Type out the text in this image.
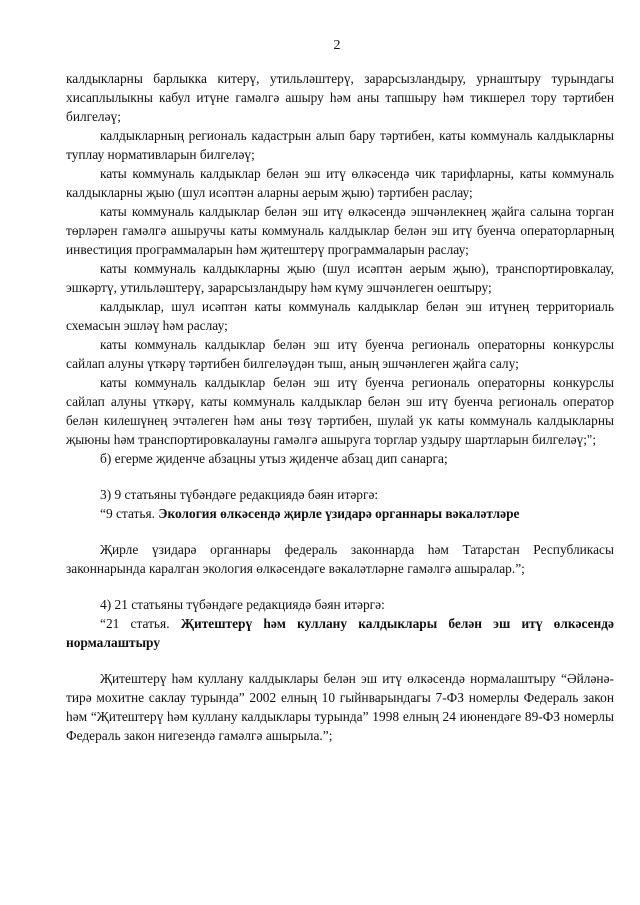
2

калдыкларны барлыкка китерү, утильләштерү, зарарсызландыру, урнаштыру турындагы хисаплылыкны кабул итүне гамәлгә ашыру һәм аны тапшыру һәм тикшерел тору тәртибен билгеләү;

калдыкларның региональ кадастрын алып бару тәртибен, каты коммуналь калдыкларны туплау нормативларын билгеләү;

каты коммуналь калдыклар белән эш итү өлкәсендә чик тарифларны, каты коммуналь калдыкларны җыю (шул исәптән аларны аерым җыю) тәртибен раслау;

каты коммуналь калдыклар белән эш итү өлкәсендә эшчәнлекнең җайга салына торган төрләрен гамәлгә ашыручы каты коммуналь калдыклар белән эш итү буенча операторларның инвестиция программаларын һәм җитештерү программаларын раслау;

каты коммуналь калдыкларны җыю (шул исәптән аерым җыю), транспортировкалау, эшкәртү, утильләштерү, зарарсызландыру һәм күму эшчәнлеген оештыру;

калдыклар, шул исәптән каты коммуналь калдыклар белән эш итүнең территориаль схемасын эшләү һәм раслау;

каты коммуналь калдыклар белән эш итү буенча региональ операторны конкурслы сайлап алуны үткәрү тәртибен билгеләүдән тыш, аның эшчәнлеген җайга салу;

каты коммуналь калдыклар белән эш итү буенча региональ операторны конкурслы сайлап алуны үткәрү, каты коммуналь калдыклар белән эш итү буенча региональ оператор белән килешүнең эчтәлеген һәм аны төзү тәртибен, шулай ук каты коммуналь калдыкларны җыюны һәм транспортировкалауны гамәлгә ашыруга торглар уздыру шартларын билгеләү;";

б) егерме җиденче абзацны утыз җиденче абзац дип санарга;

3) 9 статьяны түбәндәге редакциядә бәян итәргә:

“9 статья. Экология өлкәсендә җирле үзидарә органнары вәкаләтләре

Җирле үзидарә органнары федераль законнарда һәм Татарстан Республикасы законнарында каралган экология өлкәсендәге вәкаләтләрне гамәлгә ашыралар.”;

4) 21 статьяны түбәндәге редакциядә бәян итәргә:

“21 статья. Җитештерү һәм куллану калдыклары белән эш итү өлкәсендә нормалаштыру

Җитештерү һәм куллану калдыклары белән эш итү өлкәсендә нормалаштыру “Әйләнә-тирә мохитне саклау турында” 2002 елның 10 гыйнварындагы 7-ФЗ номерлы Федераль закон һәм “Җитештерү һәм куллану калдыклары турында” 1998 елның 24 июнендәге 89-ФЗ номерлы Федераль закон нигезендә гамәлгә ашырыла.”;
